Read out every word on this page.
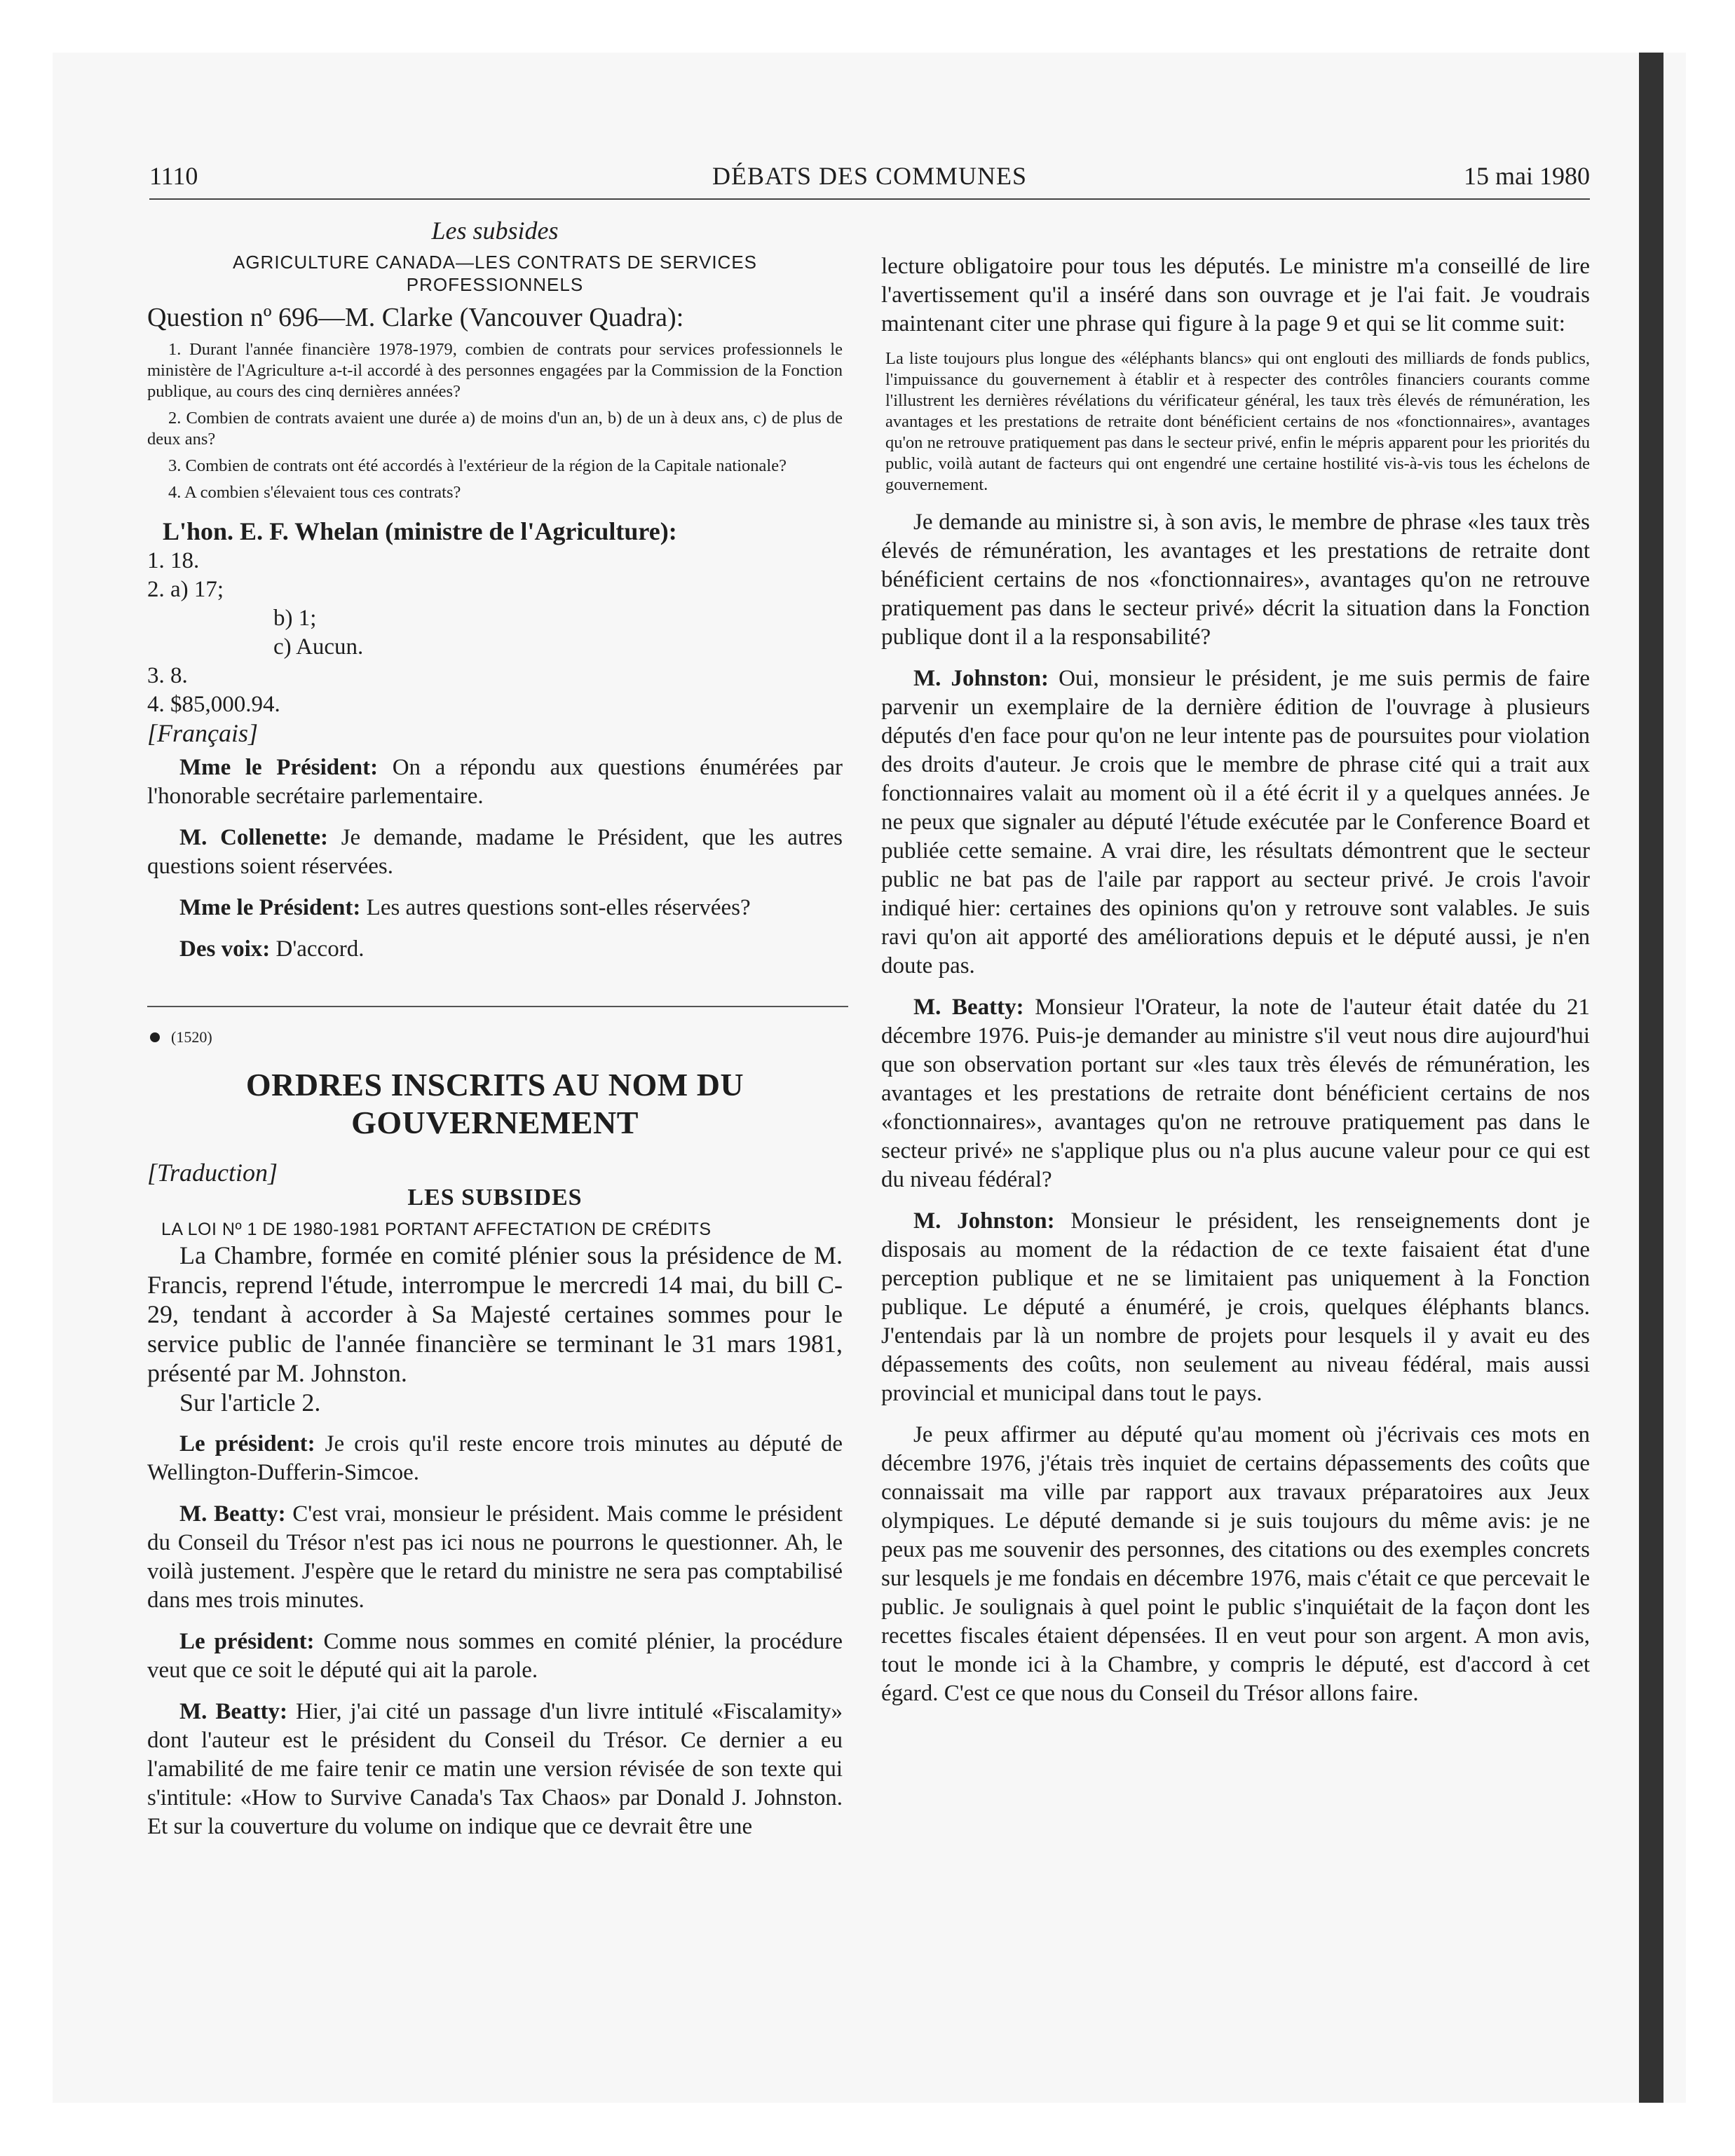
1110	DÉBATS DES COMMUNES	15 mai 1980

Les subsides

AGRICULTURE CANADA—LES CONTRATS DE SERVICES PROFESSIONNELS

Question nº 696—M. Clarke (Vancouver Quadra):

1. Durant l'année financière 1978-1979, combien de contrats pour services professionnels le ministère de l'Agriculture a-t-il accordé à des personnes engagées par la Commission de la Fonction publique, au cours des cinq dernières années?

2. Combien de contrats avaient une durée a) de moins d'un an, b) de un à deux ans, c) de plus de deux ans?

3. Combien de contrats ont été accordés à l'extérieur de la région de la Capitale nationale?

4. A combien s'élevaient tous ces contrats?

L'hon. E. F. Whelan (ministre de l'Agriculture):

1. 18.
2. a) 17;
b) 1;
c) Aucun.
3. 8.
4. $85,000.94.

[Français]

Mme le Président: On a répondu aux questions énumérées par l'honorable secrétaire parlementaire.

M. Collenette: Je demande, madame le Président, que les autres questions soient réservées.

Mme le Président: Les autres questions sont-elles réservées?

Des voix: D'accord.

(1520)

ORDRES INSCRITS AU NOM DU GOUVERNEMENT

[Traduction]

LES SUBSIDES

LA LOI Nº 1 DE 1980-1981 PORTANT AFFECTATION DE CRÉDITS

La Chambre, formée en comité plénier sous la présidence de M. Francis, reprend l'étude, interrompue le mercredi 14 mai, du bill C-29, tendant à accorder à Sa Majesté certaines sommes pour le service public de l'année financière se terminant le 31 mars 1981, présenté par M. Johnston.

Sur l'article 2.

Le président: Je crois qu'il reste encore trois minutes au député de Wellington-Dufferin-Simcoe.

M. Beatty: C'est vrai, monsieur le président. Mais comme le président du Conseil du Trésor n'est pas ici nous ne pourrons le questionner. Ah, le voilà justement. J'espère que le retard du ministre ne sera pas comptabilisé dans mes trois minutes.

Le président: Comme nous sommes en comité plénier, la procédure veut que ce soit le député qui ait la parole.

M. Beatty: Hier, j'ai cité un passage d'un livre intitulé «Fiscalamity» dont l'auteur est le président du Conseil du Trésor. Ce dernier a eu l'amabilité de me faire tenir ce matin une version révisée de son texte qui s'intitule: «How to Survive Canada's Tax Chaos» par Donald J. Johnston. Et sur la couverture du volume on indique que ce devrait être une

lecture obligatoire pour tous les députés. Le ministre m'a conseillé de lire l'avertissement qu'il a inséré dans son ouvrage et je l'ai fait. Je voudrais maintenant citer une phrase qui figure à la page 9 et qui se lit comme suit:

La liste toujours plus longue des «éléphants blancs» qui ont englouti des milliards de fonds publics, l'impuissance du gouvernement à établir et à respecter des contrôles financiers courants comme l'illustrent les dernières révélations du vérificateur général, les taux très élevés de rémunération, les avantages et les prestations de retraite dont bénéficient certains de nos «fonctionnaires», avantages qu'on ne retrouve pratiquement pas dans le secteur privé, enfin le mépris apparent pour les priorités du public, voilà autant de facteurs qui ont engendré une certaine hostilité vis-à-vis tous les échelons de gouvernement.

Je demande au ministre si, à son avis, le membre de phrase «les taux très élevés de rémunération, les avantages et les prestations de retraite dont bénéficient certains de nos «fonctionnaires», avantages qu'on ne retrouve pratiquement pas dans le secteur privé» décrit la situation dans la Fonction publique dont il a la responsabilité?

M. Johnston: Oui, monsieur le président, je me suis permis de faire parvenir un exemplaire de la dernière édition de l'ouvrage à plusieurs députés d'en face pour qu'on ne leur intente pas de poursuites pour violation des droits d'auteur. Je crois que le membre de phrase cité qui a trait aux fonctionnaires valait au moment où il a été écrit il y a quelques années. Je ne peux que signaler au député l'étude exécutée par le Conference Board et publiée cette semaine. A vrai dire, les résultats démontrent que le secteur public ne bat pas de l'aile par rapport au secteur privé. Je crois l'avoir indiqué hier: certaines des opinions qu'on y retrouve sont valables. Je suis ravi qu'on ait apporté des améliorations depuis et le député aussi, je n'en doute pas.

M. Beatty: Monsieur l'Orateur, la note de l'auteur était datée du 21 décembre 1976. Puis-je demander au ministre s'il veut nous dire aujourd'hui que son observation portant sur «les taux très élevés de rémunération, les avantages et les prestations de retraite dont bénéficient certains de nos «fonctionnaires», avantages qu'on ne retrouve pratiquement pas dans le secteur privé» ne s'applique plus ou n'a plus aucune valeur pour ce qui est du niveau fédéral?

M. Johnston: Monsieur le président, les renseignements dont je disposais au moment de la rédaction de ce texte faisaient état d'une perception publique et ne se limitaient pas uniquement à la Fonction publique. Le député a énuméré, je crois, quelques éléphants blancs. J'entendais par là un nombre de projets pour lesquels il y avait eu des dépassements des coûts, non seulement au niveau fédéral, mais aussi provincial et municipal dans tout le pays.

Je peux affirmer au député qu'au moment où j'écrivais ces mots en décembre 1976, j'étais très inquiet de certains dépassements des coûts que connaissait ma ville par rapport aux travaux préparatoires aux Jeux olympiques. Le député demande si je suis toujours du même avis: je ne peux pas me souvenir des personnes, des citations ou des exemples concrets sur lesquels je me fondais en décembre 1976, mais c'était ce que percevait le public. Je soulignais à quel point le public s'inquiétait de la façon dont les recettes fiscales étaient dépensées. Il en veut pour son argent. A mon avis, tout le monde ici à la Chambre, y compris le député, est d'accord à cet égard. C'est ce que nous du Conseil du Trésor allons faire.
